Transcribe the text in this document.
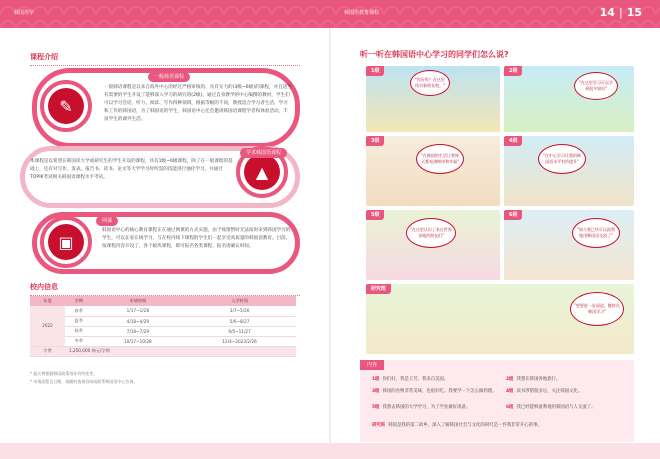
韩国语学	韩国语教育课程	14 | 15
课程介绍
✎
一般韩语课程
一般韩语课程是以来自海外中心的经过严格审核的、具有实力的(3级~6级)的课程，并且适当有需要的学生开设了能够深入学习的研究班(2级)。通过自身教学的中心编撰的教材，学生们可以学习会话、听力、阅读、写作四种领域，根据等级的不同，教授适合学习者生活、学习和工作的韩国语，为了韩国语的学生，韩国语中心还会邀请韩国语课程学者和体验活动，丰富学生的课外生活。
▲
学术韩国语课程
本课程是以希望在韩国读大学或研究生的学生开设的课程，具有1级~6级课程，除了在一般课程的基础上，还有对写作、发表、报告书、读书、论文等大学学习时所需的技能进行强化学习，并通过TOPIK考试相关韩国语课程水平考试。
▣
网课
韩国语中心的核心教育课程正在通过网课的方式实施，由于疫情暂时无法按时来到韩国学习的学生，可以在家在线学习，与在校内线下课程的学生们一起享受高质量的韩国语教育。目前，按课程内容开设了，各个板块课程，即可报名各类课程，报名请确认时间。
校内信息
年度	学期	申请时间	入学时间
2022	春季	1/17~1/28	3/7~5/20
	夏季	4/18~4/29	5/6~8/27
	秋季	7/18~7/29	9/5~11/27
	冬季	10/17~10/28	12/4~2023/2/26
学费	1,250,000 韩元/学期		
* 报名费根据韩国政策每年有所变更。
* 申请流程及日期，请随时查询官网或联系韩国语中心咨询。
听一听在韩国语中心学习的同学们怎么说?
1级
"你好吗？在这里结识新朋友吧。"
2级
"在这里学习可以学到很多知识"
3级
"在韩国的生活让我每天都充满期待和幸福"
4级
"在中心学习让我的韩国语水平有所提升"
5级
"在这里认识了来自世界各地的朋友们"
6级
"如今我已经可以流利地用韩国语交流了"
研究班
"想要进一步深造，继续在韩国学习"
内容
1级 你们好，我是王芳。我来自美国。	2级 我想在韩国各地旅行。
3级 韩国的食物非常美味，也很好吃。我要学一下怎么做料理。	4级 读书涉猎很多后，关注韩国文化。
5级 我想去韩国的大学学习，为了学业做好准备。	6级 我已经能够流利地用韩国语与人交流了。
研究班 韩国是我的第二故乡，深入了解韩国社会与文化的研究是一件我非常开心的事。
